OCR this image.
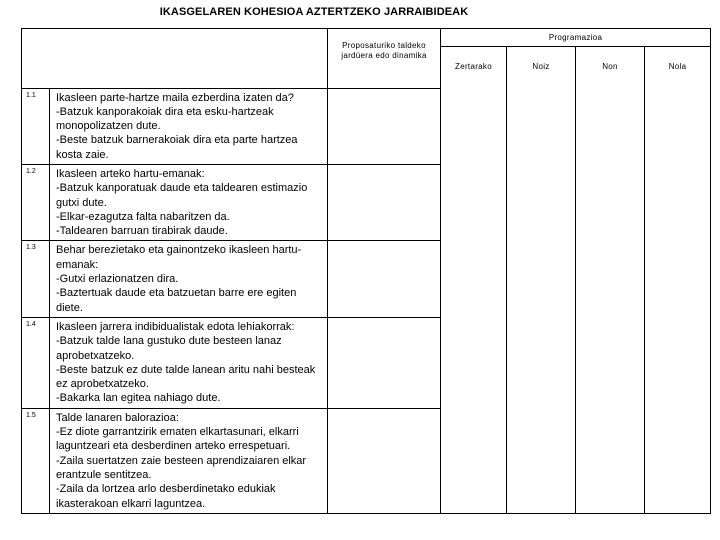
IKASGELAREN KOHESIOA AZTERTZEKO JARRAIBIDEAK

		Proposaturiko taldeko
jardùera edo dinamika	Programazioa			
			Zertarako	Noiz	Non	Nola
1.1	Ikasleen parte-hartze maila ezberdina izaten da?
-Batzuk kanporakoiak dira eta esku-hartzeak monopolizatzen dute.
-Beste batzuk barnerakoiak dira eta parte hartzea kosta zaie.					

1.2	Ikasleen arteko hartu-emanak:
-Batzuk kanporatuak daude eta taldearen estimazio gutxi dute.
-Elkar-ezagutza falta nabaritzen da.
-Taldearen barruan tirabirak daude.					

1.3	Behar berezietako eta gainontzeko ikasleen hartu-emanak:
-Gutxi erlazionatzen dira.
-Baztertuak daude eta batzuetan barre ere egiten diete.					

1.4	Ikasleen jarrera indibidualistak edota lehiakorrak:
-Batzuk talde lana gustuko dute besteen lanaz aprobetxatzeko.
-Beste batzuk ez dute talde lanean aritu nahi besteak ez aprobetxatzeko.
-Bakarka lan egitea nahiago dute.					

1.5	Talde lanaren balorazioa:
-Ez diote garrantzirik ematen elkartasunari, elkarri laguntzeari eta desberdinen arteko errespetuari.
-Zaila suertatzen zaie besteen aprendizaiaren elkar erantzule sentitzea.
-Zaila da lortzea arlo desberdinetako edukiak ikasterakoan elkarri laguntzea.					
